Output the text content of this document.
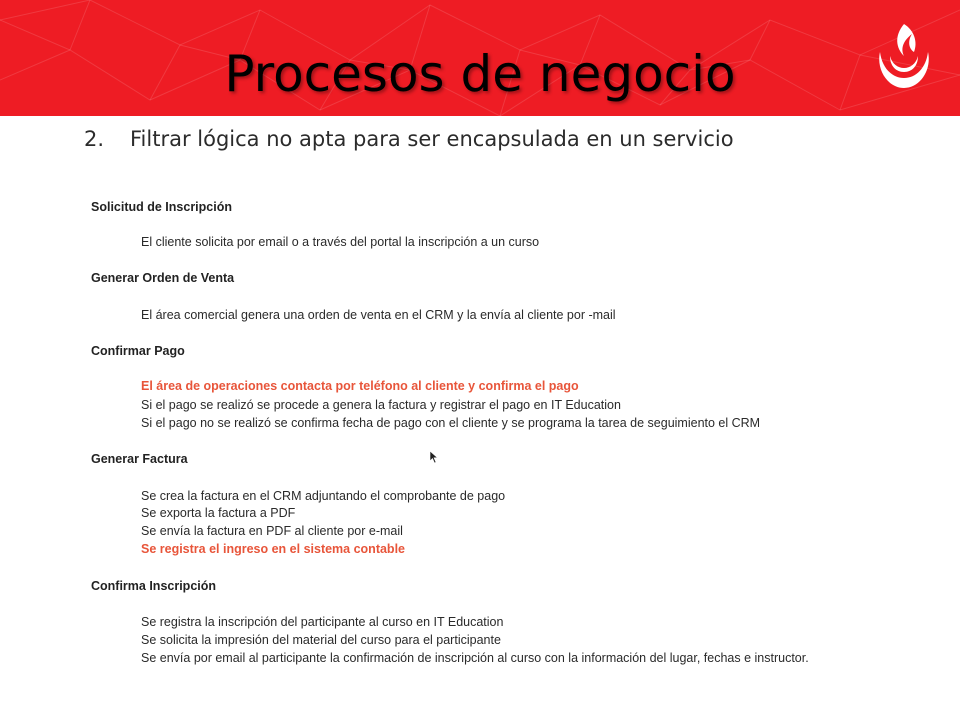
Procesos de negocio
2. Filtrar lógica no apta para ser encapsulada en un servicio
Solicitud de Inscripción
El cliente solicita por email o a través del portal la inscripción a un curso
Generar Orden de Venta
El área comercial genera una orden de venta en el CRM y la envía al cliente por -mail
Confirmar Pago
El área de operaciones contacta por teléfono al cliente y confirma el pago
Si el pago se realizó se procede a genera la factura y registrar el pago en IT Education
Si el pago no se realizó se confirma fecha de pago con el cliente y se programa la tarea de seguimiento el CRM
Generar Factura
Se crea la factura en el CRM adjuntando el comprobante de pago
Se exporta la factura a PDF
Se envía la factura en PDF al cliente por e-mail
Se registra el ingreso en el sistema contable
Confirma Inscripción
Se registra la inscripción del participante al curso en IT Education
Se solicita la impresión del material del curso para el participante
Se envía por email al participante la confirmación de inscripción al curso con la información del lugar, fechas e instructor.
